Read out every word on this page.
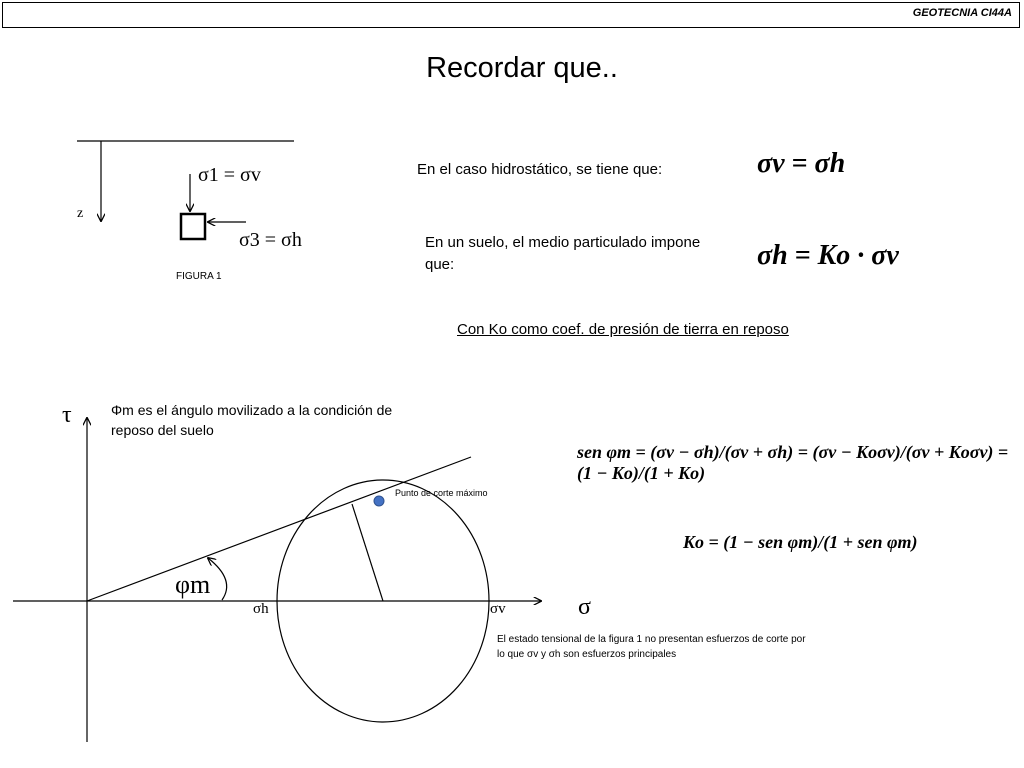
GEOTECNIA CI44A
Recordar que..
z
σ1 = σv
σ3 = σh
FIGURA 1
En el caso hidrostático, se tiene que:	σv = σh
En un suelo, el medio particulado impone
que:	σh = Ko · σv
Con Ko como coef. de presión de tierra en reposo
τ
σ
φm
σh	σv
Φm es el ángulo movilizado a la condición de
reposo del suelo
Punto de corte máximo
sen φm = (σv − σh)/(σv + σh) = (σv − Koσv)/(σv + Koσv) = (1 − Ko)/(1 + Ko)
Ko = (1 − sen φm)/(1 + sen φm)
El estado tensional de la figura 1 no presentan esfuerzos de corte por
lo que σv y σh son esfuerzos principales
